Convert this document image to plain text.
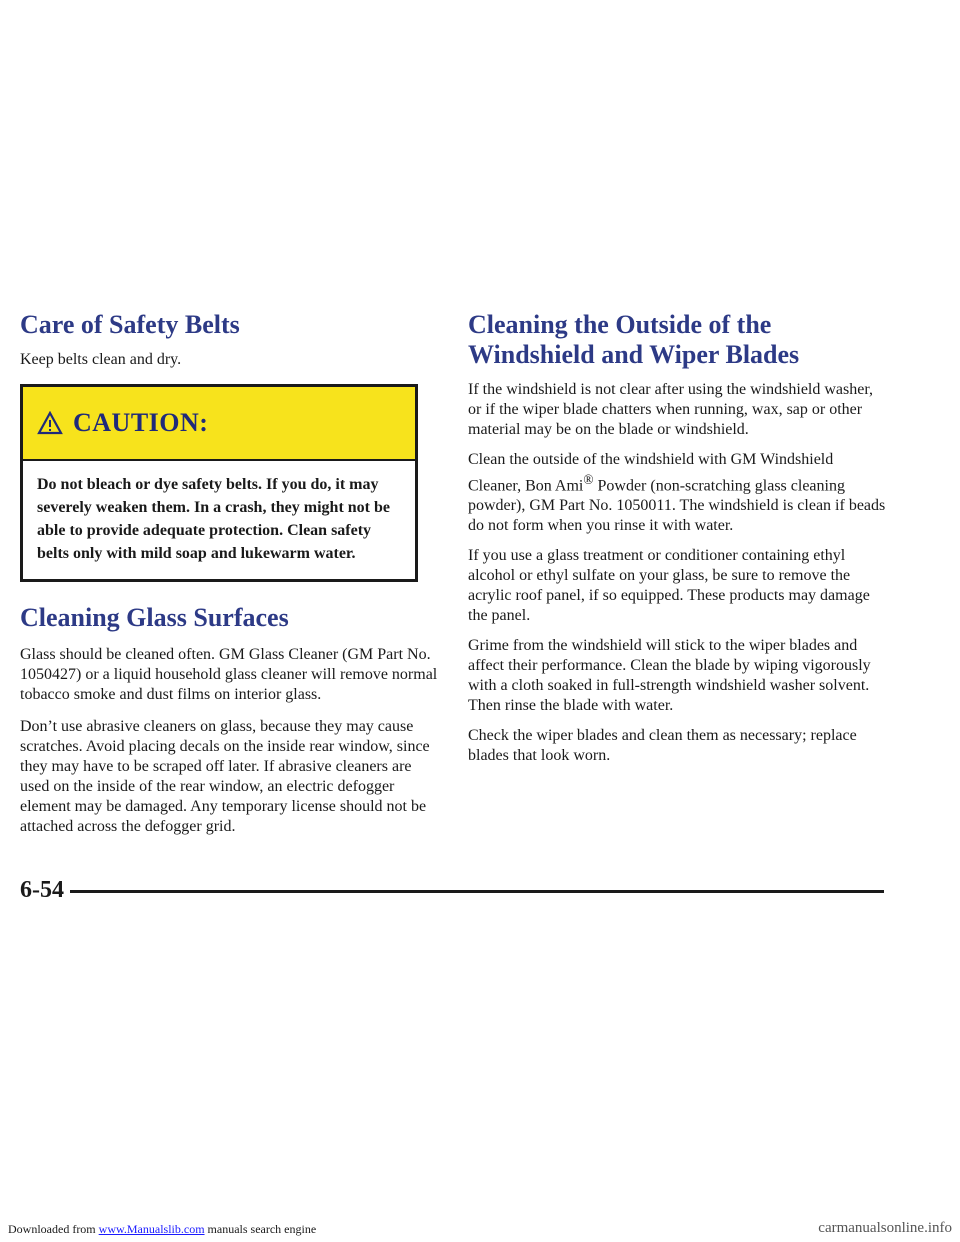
Care of Safety Belts

Keep belts clean and dry.

CAUTION:
Do not bleach or dye safety belts. If you do, it may severely weaken them. In a crash, they might not be able to provide adequate protection. Clean safety belts only with mild soap and lukewarm water.
Cleaning Glass Surfaces

Glass should be cleaned often. GM Glass Cleaner (GM Part No. 1050427) or a liquid household glass cleaner will remove normal tobacco smoke and dust films on interior glass.

Don’t use abrasive cleaners on glass, because they may cause scratches. Avoid placing decals on the inside rear window, since they may have to be scraped off later. If abrasive cleaners are used on the inside of the rear window, an electric defogger element may be damaged. Any temporary license should not be attached across the defogger grid.

Cleaning the Outside of the
Windshield and Wiper Blades

If the windshield is not clear after using the windshield washer, or if the wiper blade chatters when running, wax, sap or other material may be on the blade or windshield.

Clean the outside of the windshield with GM Windshield Cleaner, Bon Ami® Powder (non-scratching glass cleaning powder), GM Part No. 1050011. The windshield is clean if beads do not form when you rinse it with water.

If you use a glass treatment or conditioner containing ethyl alcohol or ethyl sulfate on your glass, be sure to remove the acrylic roof panel, if so equipped. These products may damage the panel.

Grime from the windshield will stick to the wiper blades and affect their performance. Clean the blade by wiping vigorously with a cloth soaked in full-strength windshield washer solvent. Then rinse the blade with water.

Check the wiper blades and clean them as necessary; replace blades that look worn.

6-54
Downloaded from www.Manualslib.com manuals search engine	carmanualsonline.info
